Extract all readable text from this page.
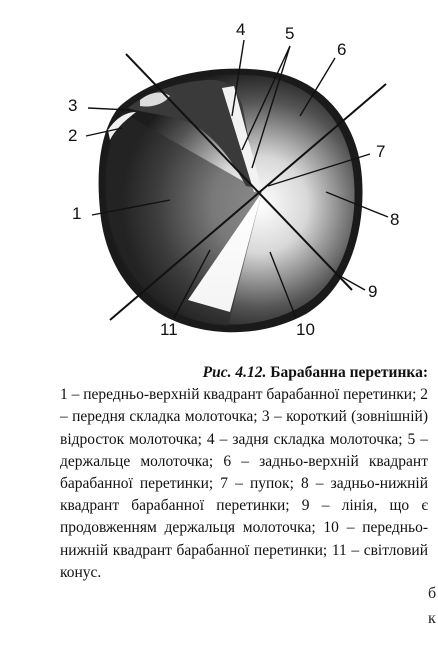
4 5
6
3
2
7
1	8
9
11	10
Рис. 4.12. Барабанна перетинка:
1 – передньо-верхній квадрант барабанної перетинки; 2 – передня складка молоточка; 3 – короткий (зовнішній) відросток молоточка; 4 – задня складка молоточка; 5 – держальце молоточка; 6 – задньо-верхній квадрант барабанної перетинки; 7 – пупок; 8 – задньо-нижній квадрант барабанної перетинки; 9 – лінія, що є продовженням держальця молоточка; 10 – передньо-нижній квадрант барабанної перетинки; 11 – світловий конус.
б
к
